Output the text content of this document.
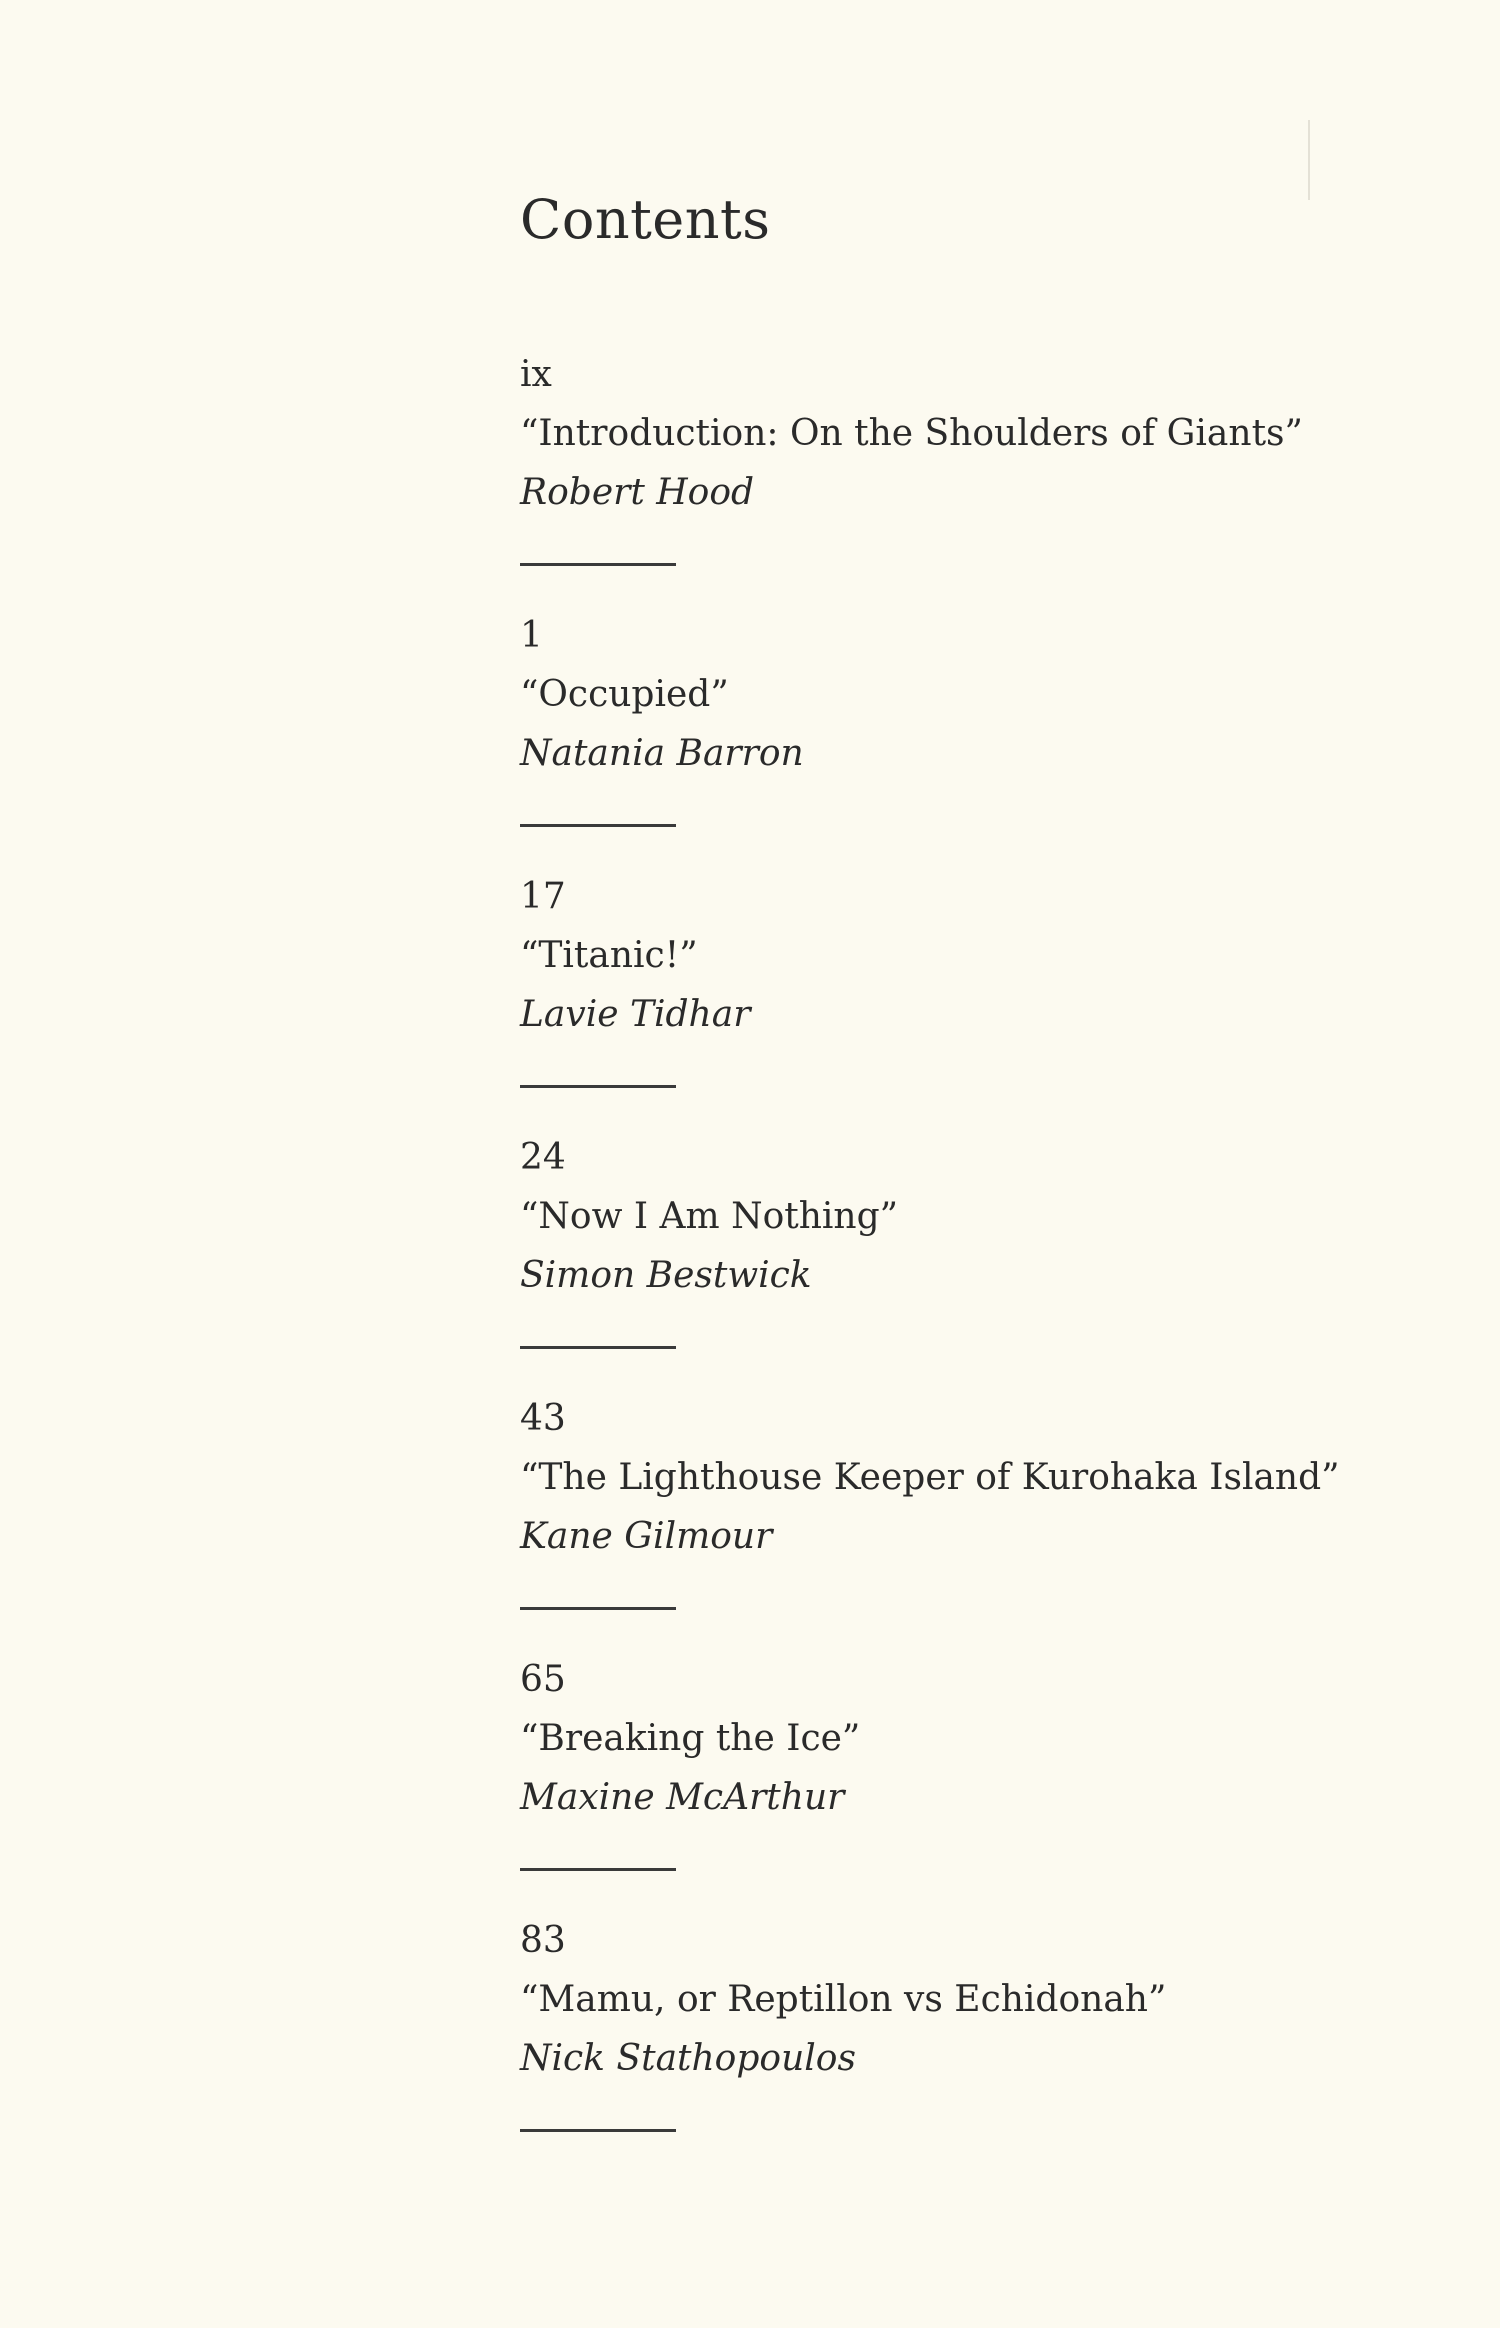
Contents
ix
“Introduction: On the Shoulders of Giants”
Robert Hood
1
“Occupied”
Natania Barron
17
“Titanic!”
Lavie Tidhar
24
“Now I Am Nothing”
Simon Bestwick
43
“The Lighthouse Keeper of Kurohaka Island”
Kane Gilmour
65
“Breaking the Ice”
Maxine McArthur
83
“Mamu, or Reptillon vs Echidonah”
Nick Stathopoulos
